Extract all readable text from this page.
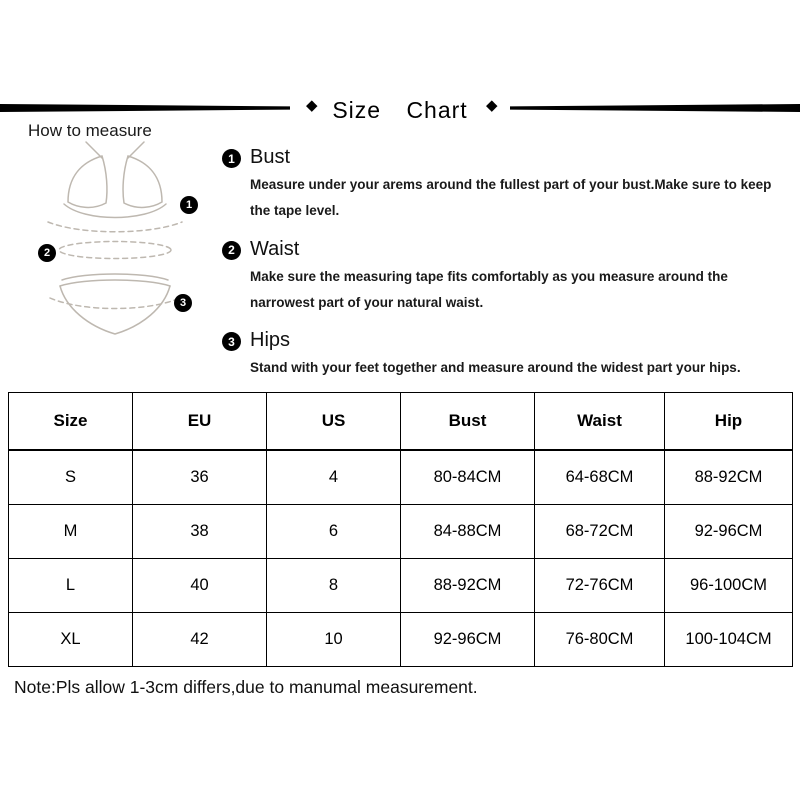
◆ Size Chart	◆
How to measure
1
2
3
1 Bust

Measure under your arems around the fullest part of your bust.Make sure to keep the tape level.

2 Waist

Make sure the measuring tape fits comfortably as you measure around the narrowest part of your natural waist.

3 Hips

Stand with your feet together and measure around the widest part your hips.

Size	EU	US	Bust	Waist	Hip
S	36	4	80-84CM	64-68CM	88-92CM
M	38	6	84-88CM	68-72CM	92-96CM
L	40	8	88-92CM	72-76CM	96-100CM
XL	42	10	92-96CM	76-80CM	100-104CM
Note:Pls allow 1-3cm differs,due to manumal measurement.
